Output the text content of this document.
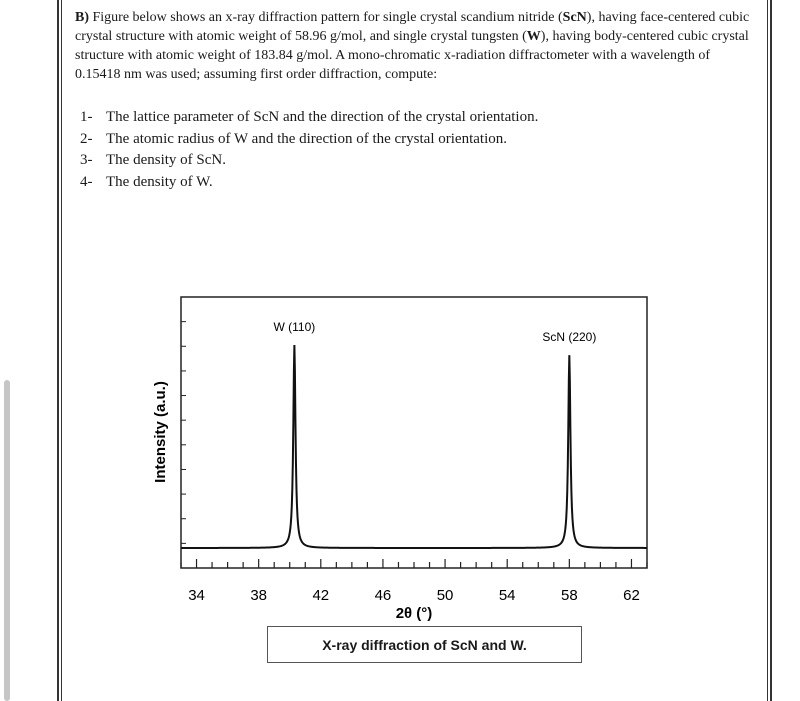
B) Figure below shows an x-ray diffraction pattern for single crystal scandium nitride (ScN), having face-centered cubic crystal structure with atomic weight of 58.96 g/mol, and single crystal tungsten (W), having body-centered cubic crystal structure with atomic weight of 183.84 g/mol. A mono-chromatic x-radiation diffractometer with a wavelength of 0.15418 nm was used; assuming first order diffraction, compute:

1- The lattice parameter of ScN and the direction of the crystal orientation.
2- The atomic radius of W and the direction of the crystal orientation.
3- The density of ScN.
4- The density of W.
W (110)
ScN (220)
34	38	42	46	50	54	58	62
2θ (°)
Intensity (a.u.)
X-ray diffraction of ScN and W.
